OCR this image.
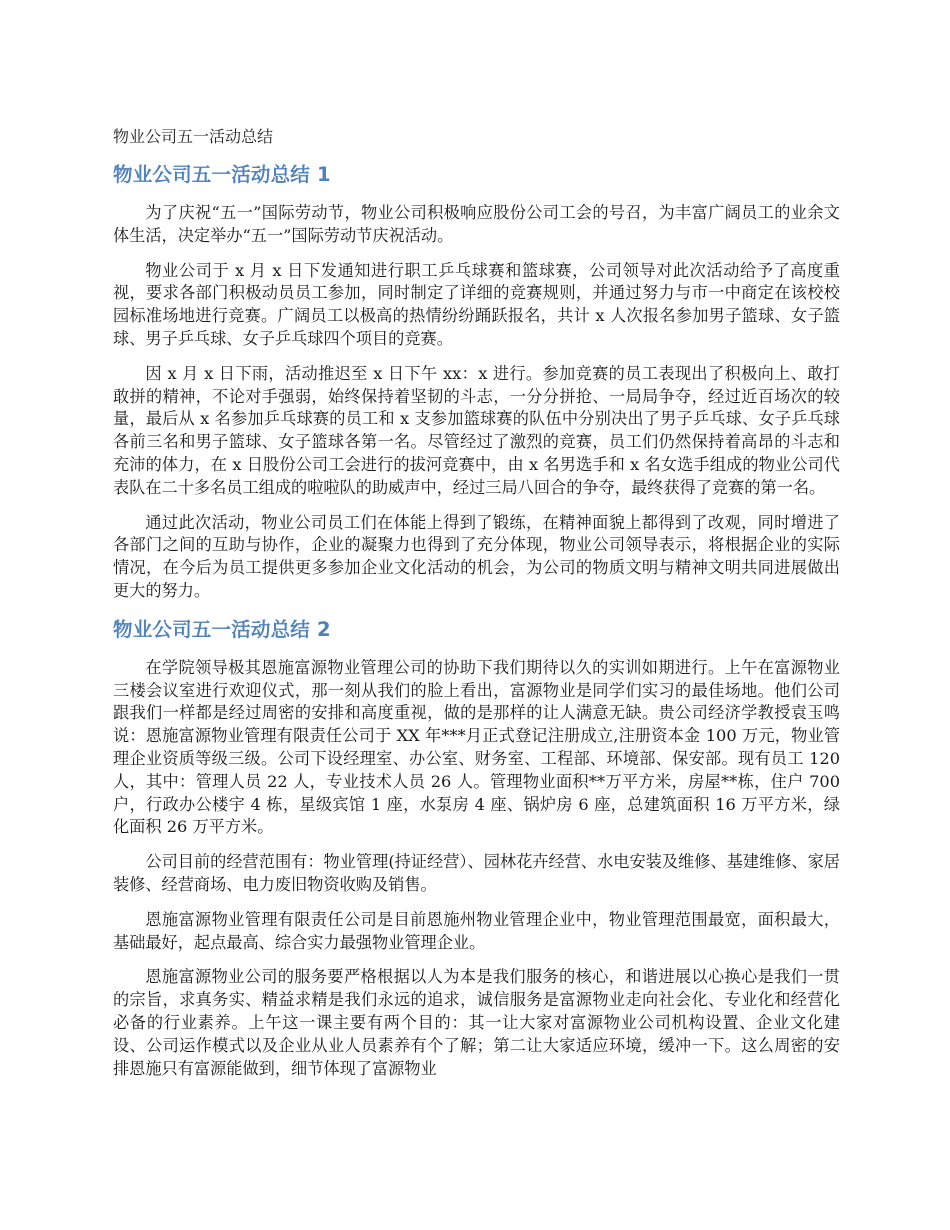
物业公司五一活动总结
物业公司五一活动总结 1

为了庆祝“五一”国际劳动节，物业公司积极响应股份公司工会的号召，为丰富广阔员工的业余文体生活，决定举办“五一”国际劳动节庆祝活动。

物业公司于 x 月 x 日下发通知进行职工乒乓球赛和篮球赛，公司领导对此次活动给予了高度重视，要求各部门积极动员员工参加，同时制定了详细的竞赛规则，并通过努力与市一中商定在该校校园标准场地进行竞赛。广阔员工以极高的热情纷纷踊跃报名，共计 x 人次报名参加男子篮球、女子篮球、男子乒乓球、女子乒乓球四个项目的竞赛。

因 x 月 x 日下雨，活动推迟至 x 日下午 xx：x 进行。参加竞赛的员工表现出了积极向上、敢打敢拼的精神，不论对手强弱，始终保持着坚韧的斗志，一分分拼抢、一局局争夺，经过近百场次的较量，最后从 x 名参加乒乓球赛的员工和 x 支参加篮球赛的队伍中分别决出了男子乒乓球、女子乒乓球各前三名和男子篮球、女子篮球各第一名。尽管经过了激烈的竞赛，员工们仍然保持着高昂的斗志和充沛的体力，在 x 日股份公司工会进行的拔河竞赛中，由 x 名男选手和 x 名女选手组成的物业公司代表队在二十多名员工组成的啦啦队的助威声中，经过三局八回合的争夺，最终获得了竞赛的第一名。

通过此次活动，物业公司员工们在体能上得到了锻练，在精神面貌上都得到了改观，同时增进了各部门之间的互助与协作，企业的凝聚力也得到了充分体现，物业公司领导表示，将根据企业的实际情况，在今后为员工提供更多参加企业文化活动的机会，为公司的物质文明与精神文明共同进展做出更大的努力。

物业公司五一活动总结 2

在学院领导极其恩施富源物业管理公司的协助下我们期待以久的实训如期进行。上午在富源物业三楼会议室进行欢迎仪式，那一刻从我们的脸上看出，富源物业是同学们实习的最佳场地。他们公司跟我们一样都是经过周密的安排和高度重视，做的是那样的让人满意无缺。贵公司经济学教授袁玉鸣说：恩施富源物业管理有限责任公司于 XX 年***月正式登记注册成立,注册资本金 100 万元，物业管理企业资质等级三级。公司下设经理室、办公室、财务室、工程部、环境部、保安部。现有员工 120 人，其中：管理人员 22 人，专业技术人员 26 人。管理物业面积**万平方米，房屋**栋，住户 700 户，行政办公楼宇 4 栋，星级宾馆 1 座，水泵房 4 座、锅炉房 6 座，总建筑面积 16 万平方米，绿化面积 26 万平方米。

公司目前的经营范围有：物业管理(持证经营）、园林花卉经营、水电安装及维修、基建维修、家居装修、经营商场、电力废旧物资收购及销售。

恩施富源物业管理有限责任公司是目前恩施州物业管理企业中，物业管理范围最宽，面积最大，基础最好，起点最高、综合实力最强物业管理企业。

恩施富源物业公司的服务要严格根据以人为本是我们服务的核心，和谐进展以心换心是我们一贯的宗旨，求真务实、精益求精是我们永远的追求，诚信服务是富源物业走向社会化、专业化和经营化必备的行业素养。上午这一课主要有两个目的：其一让大家对富源物业公司机构设置、企业文化建设、公司运作模式以及企业从业人员素养有个了解；第二让大家适应环境，缓冲一下。这么周密的安排恩施只有富源能做到，细节体现了富源物业
